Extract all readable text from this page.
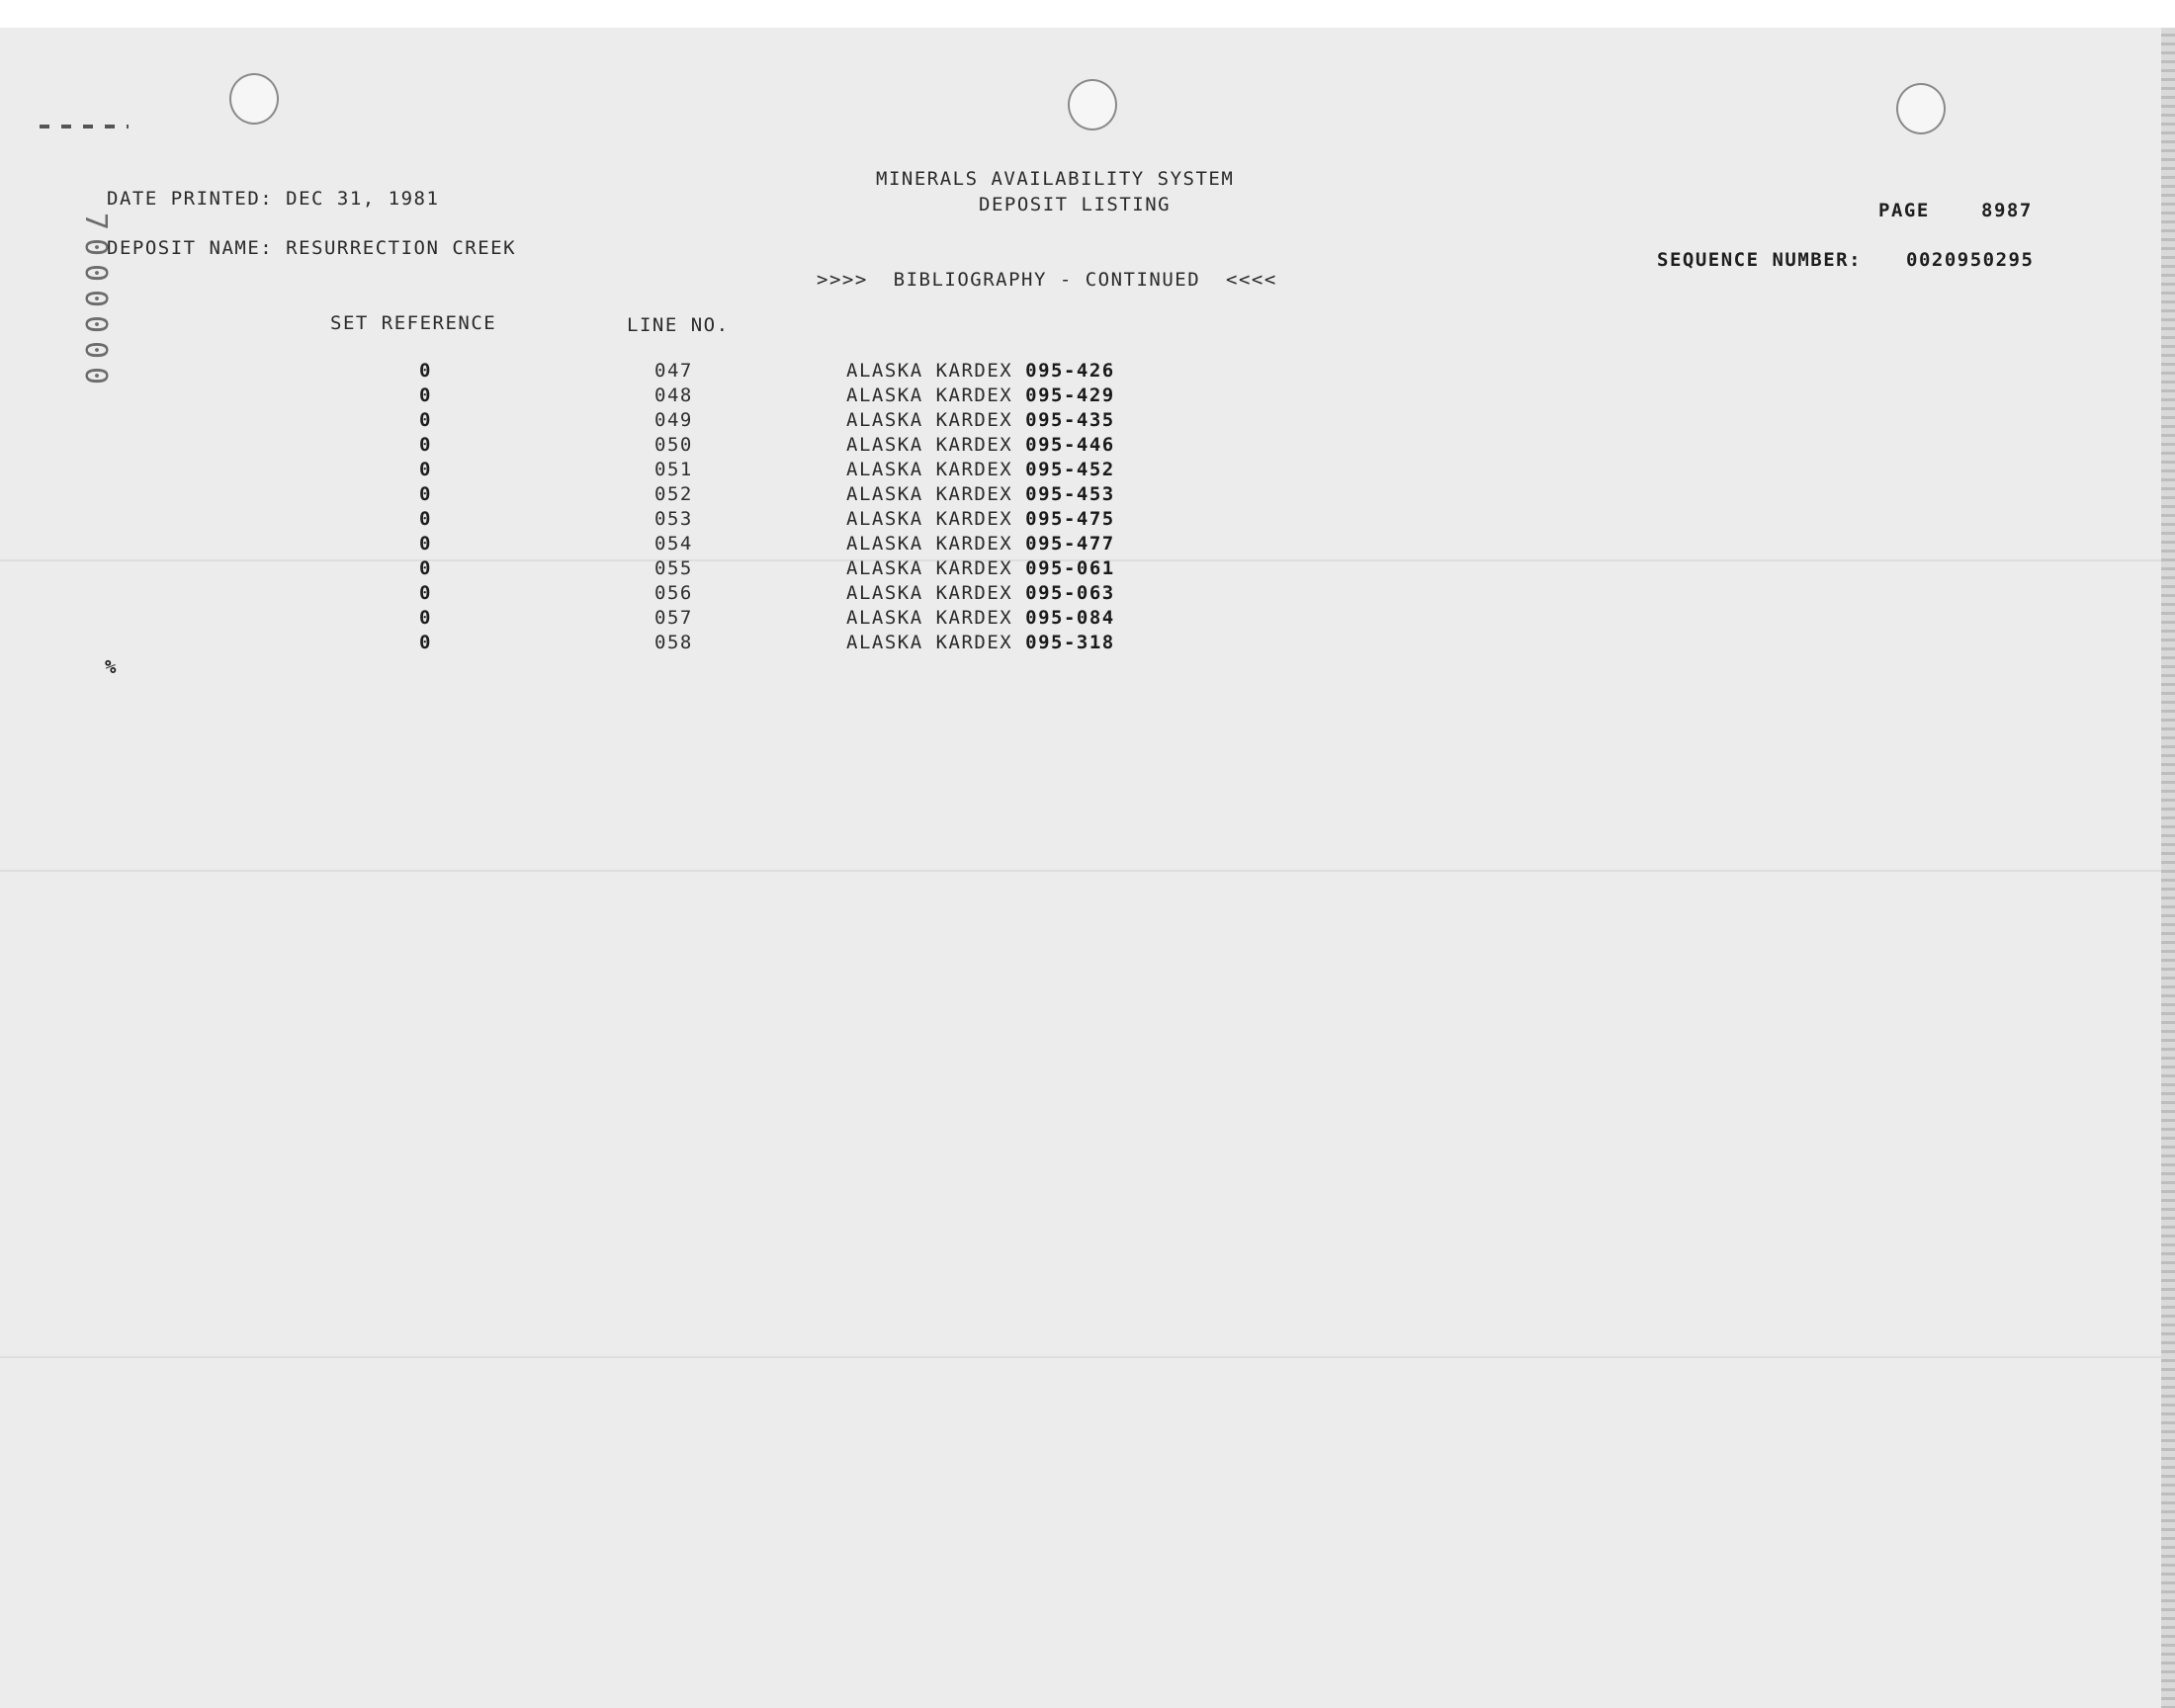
7
0
0
0
0
0
0
MINERALS AVAILABILITY SYSTEM
DEPOSIT LISTING
DATE PRINTED: DEC 31, 1981
PAGE	8987
DEPOSIT NAME: RESURRECTION CREEK
SEQUENCE NUMBER: 0020950295
>>>>  BIBLIOGRAPHY - CONTINUED  <<<<
SET REFERENCE	LINE NO.
0	047	ALASKA KARDEX 095-426
0	048	ALASKA KARDEX 095-429
0	049	ALASKA KARDEX 095-435
0	050	ALASKA KARDEX 095-446
0	051	ALASKA KARDEX 095-452
0	052	ALASKA KARDEX 095-453
0	053	ALASKA KARDEX 095-475
0	054	ALASKA KARDEX 095-477
0	055	ALASKA KARDEX 095-061
0	056	ALASKA KARDEX 095-063
0	057	ALASKA KARDEX 095-084
0	058	ALASKA KARDEX 095-318
%
